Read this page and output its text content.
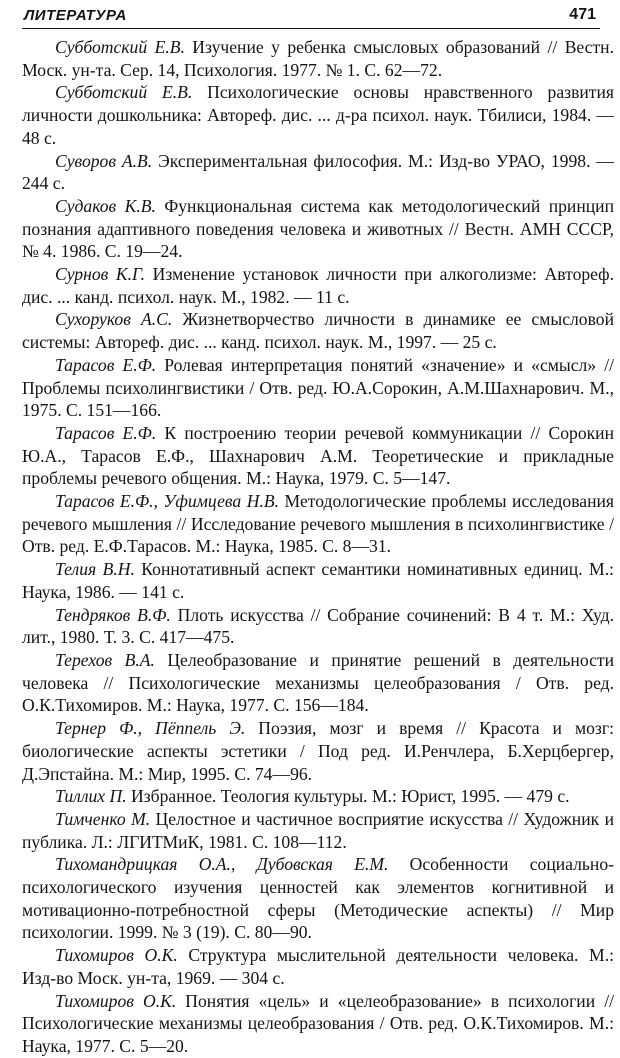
ЛИТЕРАТУРА	471

Субботский Е.В. Изучение у ребенка смысловых образований // Вестн. Моск. ун-та. Сер. 14, Психология. 1977. № 1. С. 62—72.

Субботский Е.В. Психологические основы нравственного развития личности дошкольника: Автореф. дис. ... д-ра психол. наук. Тбилиси, 1984. — 48 с.

Суворов А.В. Экспериментальная философия. М.: Изд-во УРАО, 1998. — 244 с.

Судаков К.В. Функциональная система как методологический принцип познания адаптивного поведения человека и животных // Вестн. АМН СССР, № 4. 1986. С. 19—24.

Сурнов К.Г. Изменение установок личности при алкоголизме: Автореф. дис. ... канд. психол. наук. М., 1982. — 11 с.

Сухоруков А.С. Жизнетворчество личности в динамике ее смысловой системы: Автореф. дис. ... канд. психол. наук. М., 1997. — 25 с.

Тарасов Е.Ф. Ролевая интерпретация понятий «значение» и «смысл» // Проблемы психолингвистики / Отв. ред. Ю.А.Сорокин, А.М.Шахнарович. М., 1975. С. 151—166.

Тарасов Е.Ф. К построению теории речевой коммуникации // Сорокин Ю.А., Тарасов Е.Ф., Шахнарович А.М. Теоретические и прикладные проблемы речевого общения. М.: Наука, 1979. С. 5—147.

Тарасов Е.Ф., Уфимцева Н.В. Методологические проблемы исследования речевого мышления // Исследование речевого мышления в психолингвистике / Отв. ред. Е.Ф.Тарасов. М.: Наука, 1985. С. 8—31.

Телия В.Н. Коннотативный аспект семантики номинативных единиц. М.: Наука, 1986. — 141 с.

Тендряков В.Ф. Плоть искусства // Собрание сочинений: В 4 т. М.: Худ. лит., 1980. Т. 3. С. 417—475.

Терехов В.А. Целеобразование и принятие решений в деятельности человека // Психологические механизмы целеобразования / Отв. ред. О.К.Тихомиров. М.: Наука, 1977. С. 156—184.

Тернер Ф., Пёппель Э. Поэзия, мозг и время // Красота и мозг: биологические аспекты эстетики / Под ред. И.Ренчлера, Б.Херцбергер, Д.Эпстайна. М.: Мир, 1995. С. 74—96.

Тиллих П. Избранное. Теология культуры. М.: Юрист, 1995. — 479 с.

Тимченко М. Целостное и частичное восприятие искусства // Художник и публика. Л.: ЛГИТМиК, 1981. С. 108—112.

Тихомандрицкая О.А., Дубовская Е.М. Особенности социально-психологического изучения ценностей как элементов когнитивной и мотивационно-потребностной сферы (Методические аспекты) // Мир психологии. 1999. № 3 (19). С. 80—90.

Тихомиров О.К. Структура мыслительной деятельности человека. М.: Изд-во Моск. ун-та, 1969. — 304 с.

Тихомиров О.К. Понятия «цель» и «целеобразование» в психологии // Психологические механизмы целеобразования / Отв. ред. О.К.Тихомиров. М.: Наука, 1977. С. 5—20.
